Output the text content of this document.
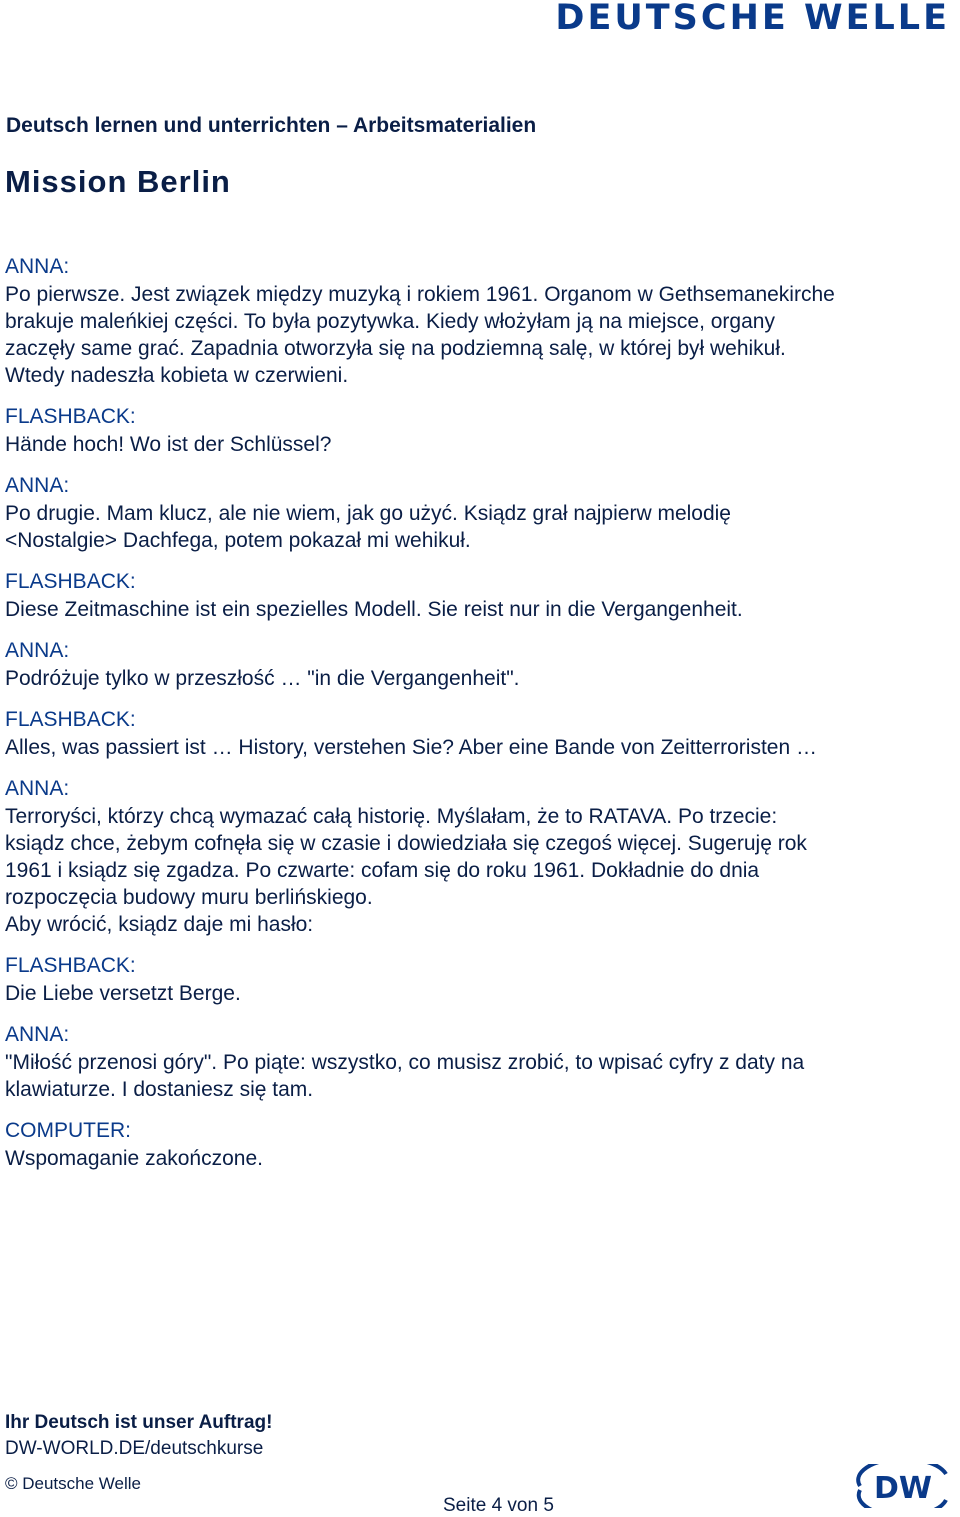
DEUTSCHE WELLE
Deutsch lernen und unterrichten – Arbeitsmaterialien
Mission Berlin
ANNA:
Po pierwsze. Jest związek między muzyką i rokiem 1961. Organom w Gethsemanekirche
brakuje maleńkiej części. To była pozytywka. Kiedy włożyłam ją na miejsce, organy
zaczęły same grać. Zapadnia otworzyła się na podziemną salę, w której był wehikuł.
Wtedy nadeszła kobieta w czerwieni.
FLASHBACK:
Hände hoch! Wo ist der Schlüssel?
ANNA:
Po drugie. Mam klucz, ale nie wiem, jak go użyć. Ksiądz grał najpierw melodię
<Nostalgie> Dachfega, potem pokazał mi wehikuł.
FLASHBACK:
Diese Zeitmaschine ist ein spezielles Modell. Sie reist nur in die Vergangenheit.
ANNA:
Podróżuje tylko w przeszłość … "in die Vergangenheit".
FLASHBACK:
Alles, was passiert ist … History, verstehen Sie? Aber eine Bande von Zeitterroristen …
ANNA:
Terroryści, którzy chcą wymazać całą historię. Myślałam, że to RATAVA. Po trzecie:
ksiądz chce, żebym cofnęła się w czasie i dowiedziała się czegoś więcej. Sugeruję rok
1961 i ksiądz się zgadza. Po czwarte: cofam się do roku 1961. Dokładnie do dnia
rozpoczęcia budowy muru berlińskiego.
Aby wrócić, ksiądz daje mi hasło:
FLASHBACK:
Die Liebe versetzt Berge.
ANNA:
"Miłość przenosi góry". Po piąte: wszystko, co musisz zrobić, to wpisać cyfry z daty na
klawiaturze. I dostaniesz się tam.
COMPUTER:
Wspomaganie zakończone.
Ihr Deutsch ist unser Auftrag!
DW-WORLD.DE/deutschkurse
© Deutsche Welle
Seite 4 von 5	DW
